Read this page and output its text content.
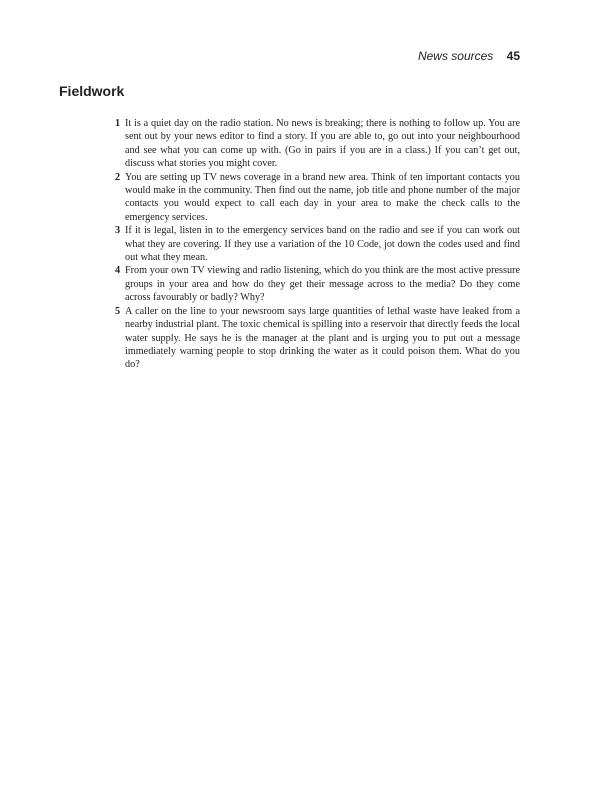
News sources 45
Fieldwork
1 It is a quiet day on the radio station. No news is breaking; there is nothing to follow up. You are sent out by your news editor to find a story. If you are able to, go out into your neighbourhood and see what you can come up with. (Go in pairs if you are in a class.) If you can’t get out, discuss what stories you might cover.
2 You are setting up TV news coverage in a brand new area. Think of ten important contacts you would make in the community. Then find out the name, job title and phone number of the major contacts you would expect to call each day in your area to make the check calls to the emergency services.
3 If it is legal, listen in to the emergency services band on the radio and see if you can work out what they are covering. If they use a variation of the 10 Code, jot down the codes used and find out what they mean.
4 From your own TV viewing and radio listening, which do you think are the most active pressure groups in your area and how do they get their message across to the media? Do they come across favourably or badly? Why?
5 A caller on the line to your newsroom says large quantities of lethal waste have leaked from a nearby industrial plant. The toxic chemical is spilling into a reservoir that directly feeds the local water supply. He says he is the manager at the plant and is urging you to put out a message immediately warning people to stop drinking the water as it could poison them. What do you do?
